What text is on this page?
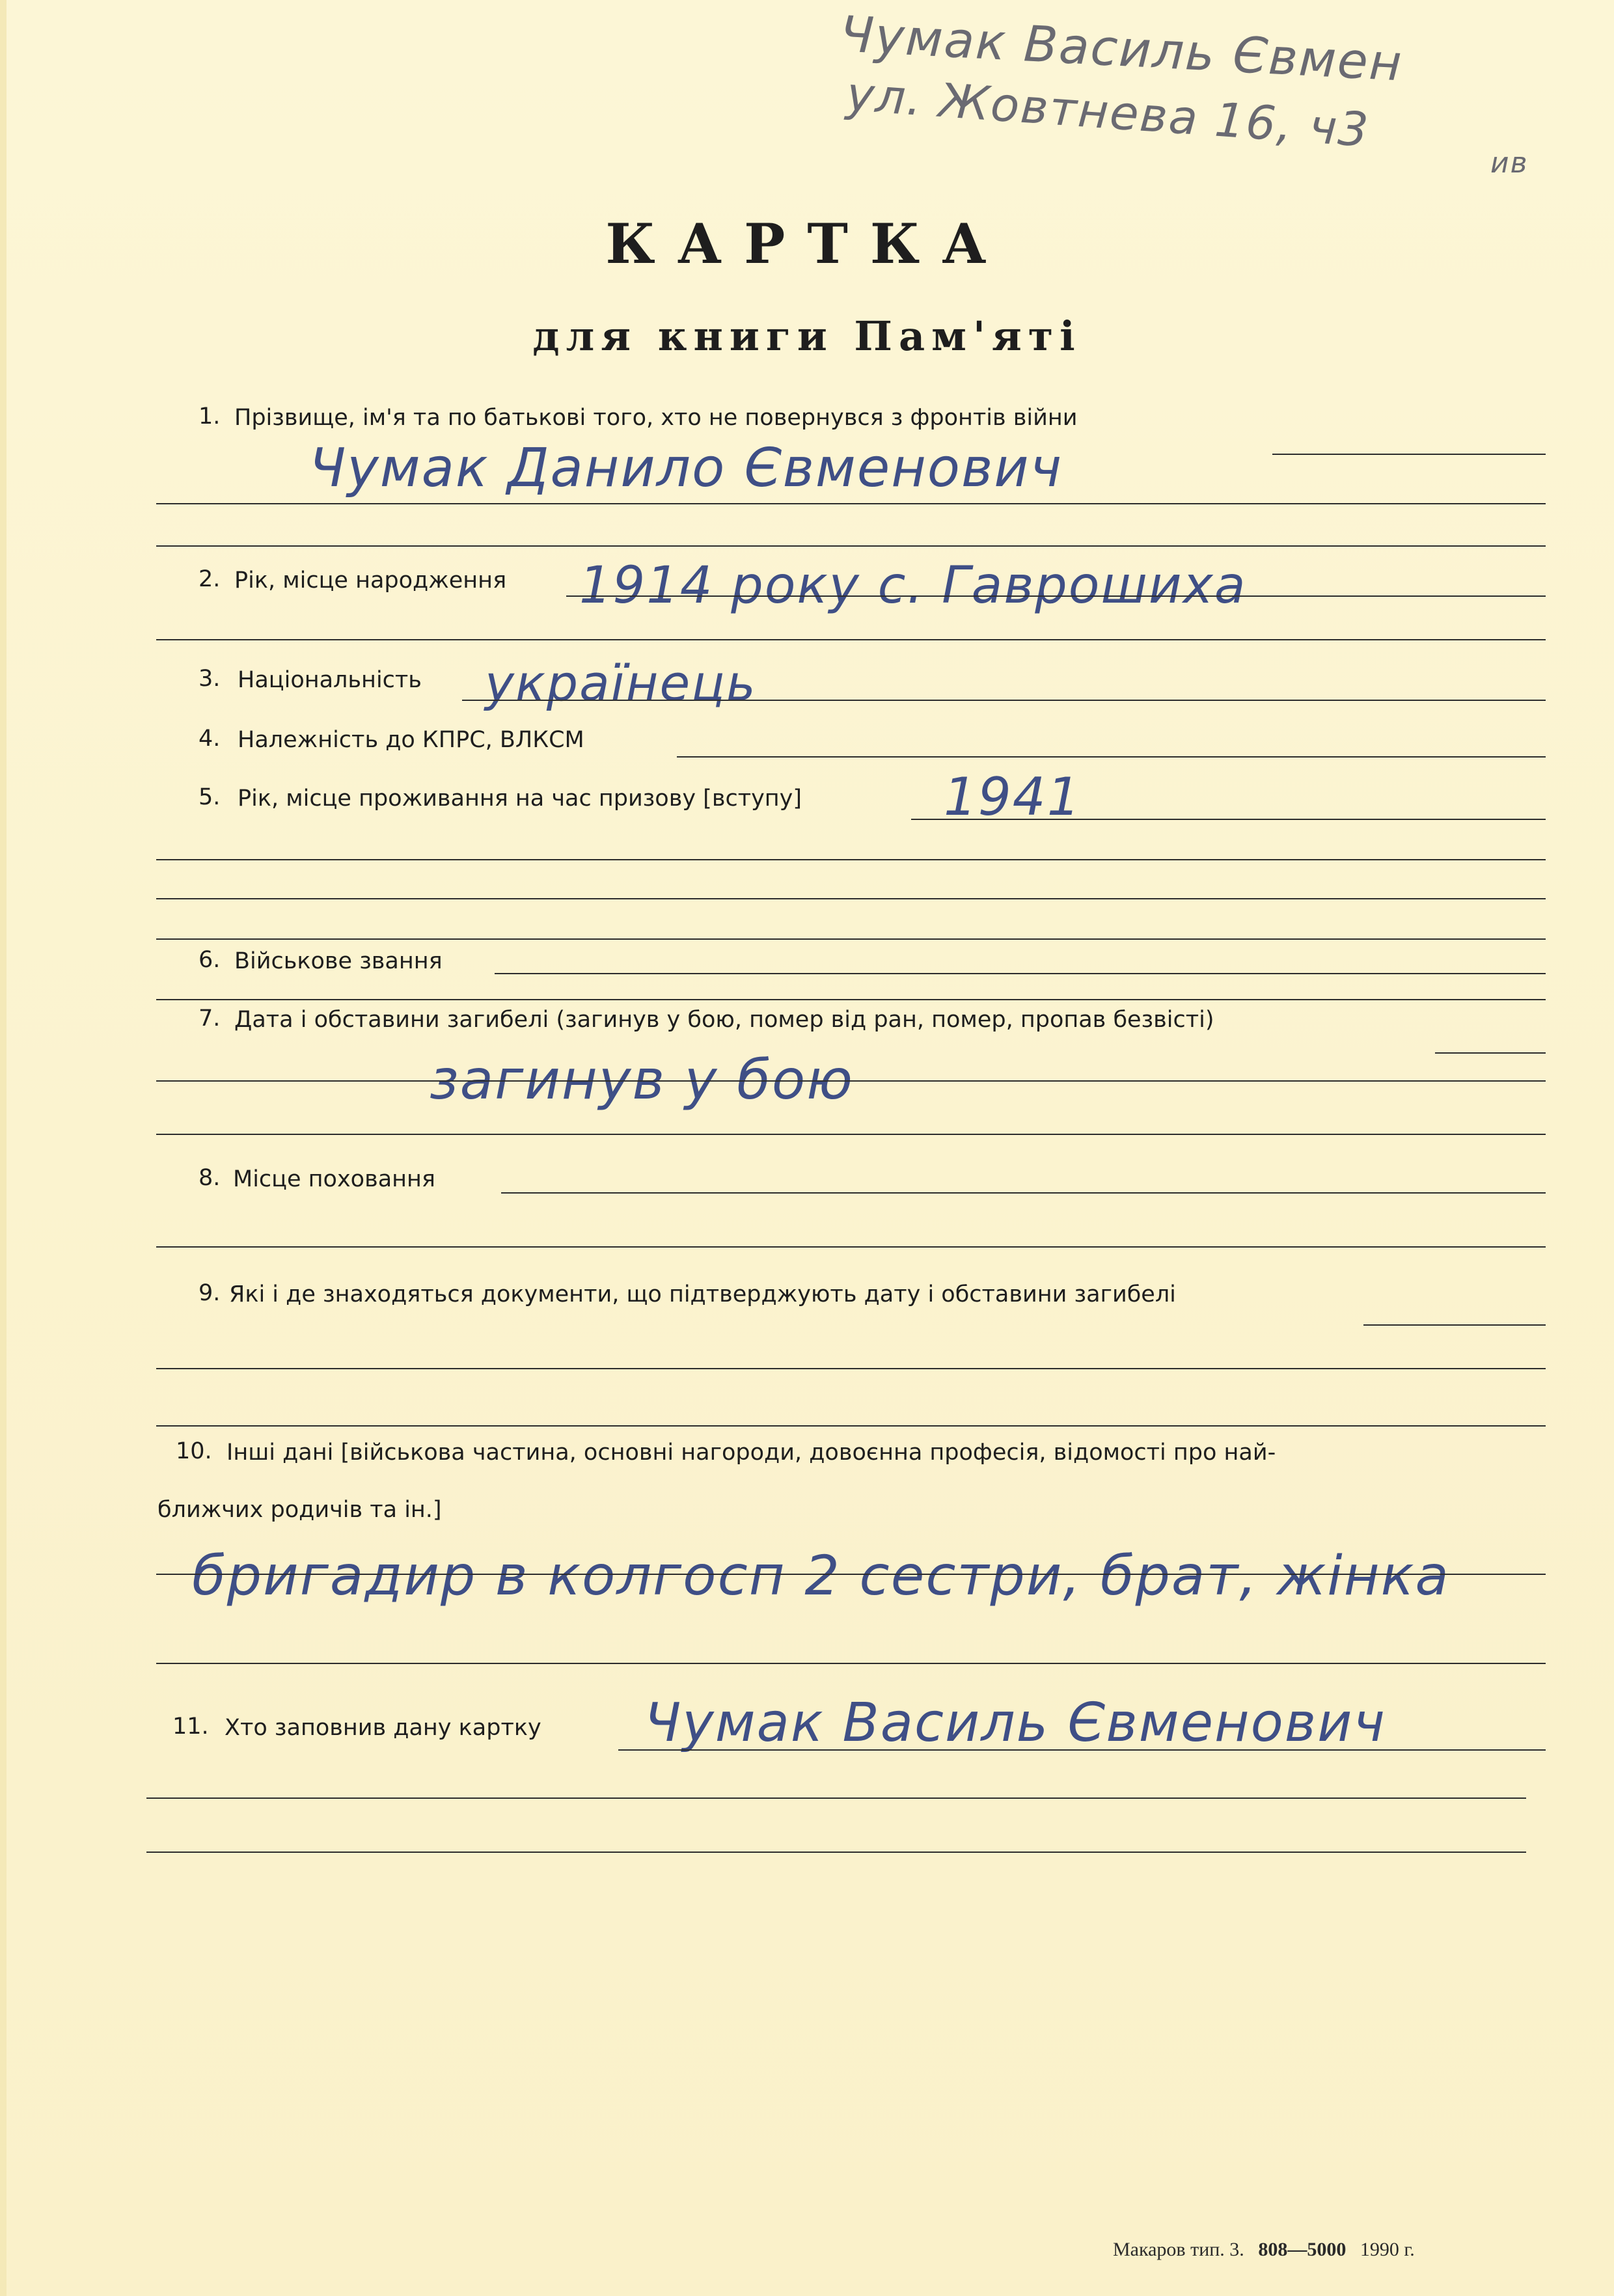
Чумак Василь Євмен
ул. Жовтнева 16, ч3
ив
КАРТКА
для книги Пам'яті
1. Прізвище, ім'я та по батькові того, хто не повернувся з фронтів війни
Чумак Данило Євменович
2. Рік, місце народження 1914 року с. Гаврошиха
3. Національність українець
4. Належність до КПРС, ВЛКСМ
5. Рік, місце проживання на час призову [вступу]	1941
6. Військове звання
7. Дата і обставини загибелі (загинув у бою, помер від ран, помер, пропав безвісті)
загинув у бою
8. Місце поховання
9. Які і де знаходяться документи, що підтверджують дату і обставини загибелі
10. Інші дані [військова частина, основні нагороди, довоєнна професія, відомості про най-
ближчих родичів та ін.]
бригадир в колгосп 2 сестри, брат, жінка
11. Хто заповнив дану картку Чумак Василь Євменович
Макаров тип. 3. 808—5000 1990 г.
